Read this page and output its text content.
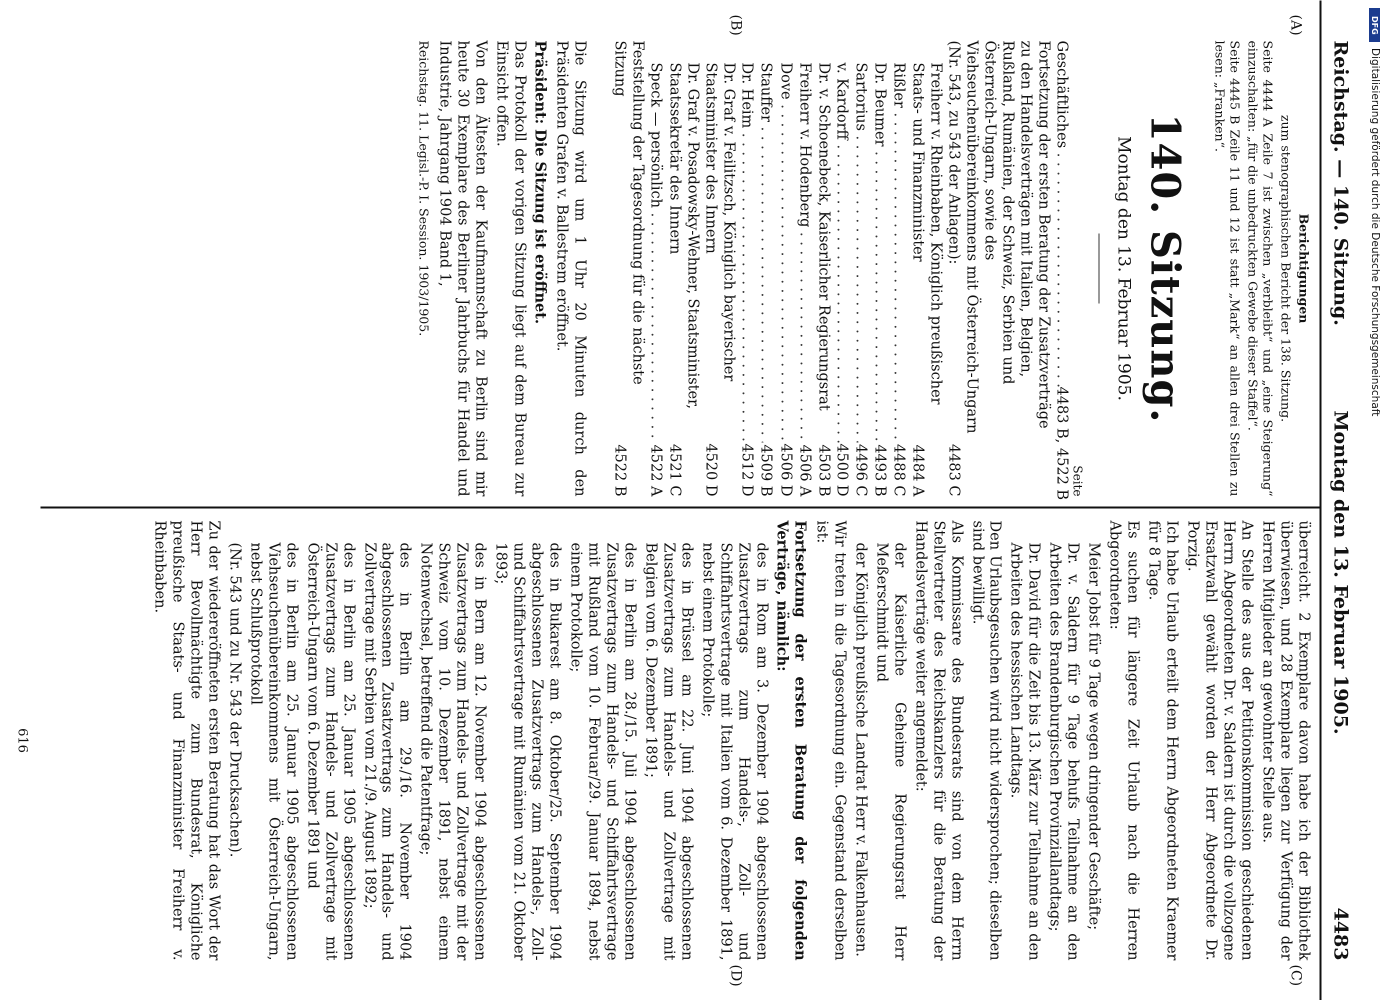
Reichstag. — 140. Sitzung.
Montag den 13. Februar 1905.
4483
(A)
(B)
(C)
(D)

Berichtigungen

zum stenographischen Bericht der 138. Sitzung.

Seite 4444 A Zeile 7 ist zwischen „verbleibt“ und „eine Steigerung“ einzuschalten: „für die unbedruckten Gewebe dieser Staffel“.

Seite 4445 B Zeile 11 und 12 ist statt „Mark“ an allen drei Stellen zu lesen: „Franken“.

140. Sitzung.
Montag den 13. Februar 1905.
Seite
Geschäftliches . . .
4483 B, 4522 B
Fortsetzung der ersten Beratung der Zusatzverträge zu den Handelsverträgen mit Italien, Belgien, Rußland, Rumänien, der Schweiz, Serbien und Österreich-Ungarn, sowie des Viehseuchenübereinkommens mit Österreich-Ungarn (Nr. 543, zu 543 der Anlagen):
4483 C
Freiherr v. Rheinbaben, Königlich preußischer Staats- und Finanzminister
4484 A
Rißler . . .
4488 C
Dr. Beumer . . .
4493 B
Sartorius . . .
4496 C
v. Kardorff . . .
4500 D
Dr. v. Schoenebeck, Kaiserlicher Regierungsrat
4503 B
Freiherr v. Hodenberg . . .
4506 A
Dove . . .
4506 D
Stauffer . . .
4509 B
Dr. Heim . . .
4512 D
Dr. Graf v. Feilitzsch, Königlich bayerischer Staatsminister des Innern
4520 D
Dr. Graf v. Posadowsky-Wehner, Staatsminister, Staatssekretär des Innern
4521 C
Speck — persönlich . . .
4522 A
Feststellung der Tagesordnung für die nächste Sitzung
4522 B

Die Sitzung wird um 1 Uhr 20 Minuten durch den Präsidenten Grafen v. Ballestrem eröffnet.

Präsident: Die Sitzung ist eröffnet.

Das Protokoll der vorigen Sitzung liegt auf dem Bureau zur Einsicht offen.

Von den Ältesten der Kaufmannschaft zu Berlin sind mir heute 30 Exemplare des Berliner Jahrbuchs für Handel und Industrie, Jahrgang 1904 Band 1,

Reichstag. 11. Legisl.-P. I. Session. 1903/1905.

überreicht. 2 Exemplare davon habe ich der Bibliothek überwiesen, und 28 Exemplare liegen zur Verfügung der Herren Mitglieder an gewohnter Stelle aus.

An Stelle des aus der Petitionskommission geschiedenen Herrn Abgeordneten Dr. v. Saldern ist durch die vollzogene Ersatzwahl gewählt worden der Herr Abgeordnete Dr. Porzig.

Ich habe Urlaub erteilt dem Herrn Abgeordneten Kraemer für 8 Tage.

Es suchen für längere Zeit Urlaub nach die Herren Abgeordneten:

Meier Jobst für 9 Tage wegen dringender Geschäfte;

Dr. v. Saldern für 9 Tage behufs Teilnahme an den Arbeiten des Brandenburgischen Provinziallandtags;

Dr. David für die Zeit bis 13. März zur Teilnahme an den Arbeiten des hessischen Landtags.

Den Urlaubsgesuchen wird nicht widersprochen; dieselben sind bewilligt.

Als Kommissare des Bundesrats sind von dem Herrn Stellvertreter des Reichskanzlers für die Beratung der Handelsverträge weiter angemeldet:

der Kaiserliche Geheime Regierungsrat Herr Meßerschmidt und

der Königlich preußische Landrat Herr v. Falkenhausen.

Wir treten in die Tagesordnung ein. Gegenstand derselben ist:

Fortsetzung der ersten Beratung der folgenden Verträge, nämlich:

des in Rom am 3. Dezember 1904 abgeschlossenen Zusatzvertrags zum Handels-, Zoll- und Schiffahrtsvertrage mit Italien vom 6. Dezember 1891, nebst einem Protokolle;

des in Brüssel am 22. Juni 1904 abgeschlossenen Zusatzvertrags zum Handels- und Zollvertrage mit Belgien vom 6. Dezember 1891;

des in Berlin am 28./15. Juli 1904 abgeschlossenen Zusatzvertrags zum Handels- und Schiffahrtsvertrage mit Rußland vom 10. Februar/29. Januar 1894, nebst einem Protokolle;

des in Bukarest am 8. Oktober/25. September 1904 abgeschlossenen Zusatzvertrags zum Handels-, Zoll- und Schiffahrtsvertrage mit Rumänien vom 21. Oktober 1893;

des in Bern am 12. November 1904 abgeschlossenen Zusatzvertrags zum Handels- und Zollvertrage mit der Schweiz vom 10. Dezember 1891, nebst einem Notenwechsel, betreffend die Patentfrage;

des in Berlin am 29./16. November 1904 abgeschlossenen Zusatzvertrags zum Handels- und Zollvertrage mit Serbien vom 21./9. August 1892;

des in Berlin am 25. Januar 1905 abgeschlossenen Zusatzvertrags zum Handels- und Zollvertrage mit Österreich-Ungarn vom 6. Dezember 1891 und

des in Berlin am 25. Januar 1905 abgeschlossenen Viehseuchenübereinkommens mit Österreich-Ungarn, nebst Schlußprotokoll

(Nr. 543 und zu Nr. 543 der Drucksachen).

Zu der wiedereröffneten ersten Beratung hat das Wort der Herr Bevollmächtigte zum Bundesrat, Königliche preußische Staats- und Finanzminister Freiherr v. Rheinbaben.

616
DFG
Digitalisierung gefördert durch die Deutsche Forschungsgemeinschaft
